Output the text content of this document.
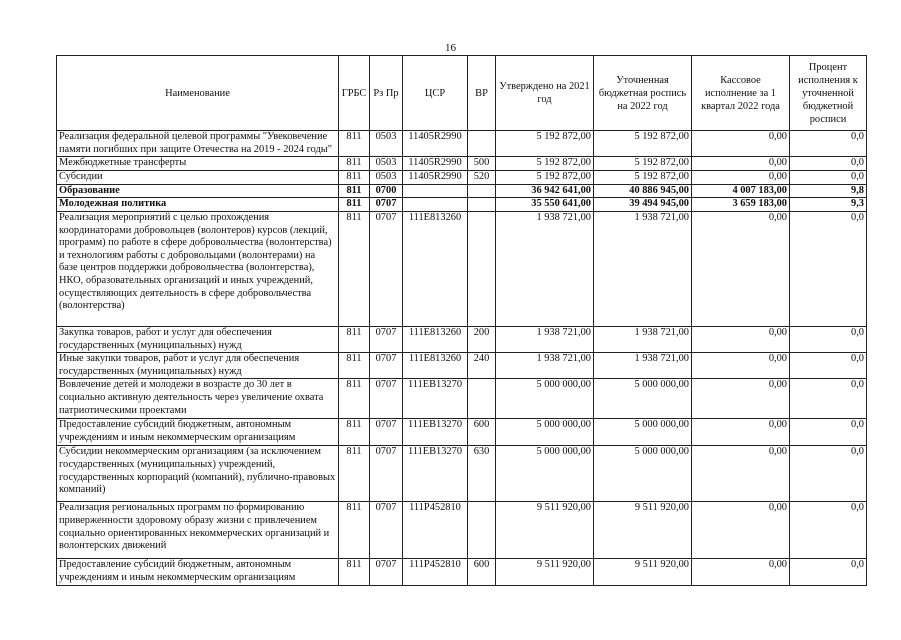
16
Наименование	ГРБС	Рз Пр	ЦСР	ВР	Утверждено на 2021 год	Уточненная бюджетная роспись на 2022 год	Кассовое исполнение за 1 квартал 2022 года	Процент исполнения к уточненной бюджетной росписи
Реализация федеральной целевой программы "Увековечение памяти погибших при защите Отечества на 2019 - 2024 годы"	811	0503	11405R2990		5 192 872,00	5 192 872,00	0,00	0,0
Межбюджетные трансферты	811	0503	11405R2990	500	5 192 872,00	5 192 872,00	0,00	0,0
Субсидии	811	0503	11405R2990	520	5 192 872,00	5 192 872,00	0,00	0,0
Образование	811	0700			36 942 641,00	40 886 945,00	4 007 183,00	9,8
Молодежная политика	811	0707			35 550 641,00	39 494 945,00	3 659 183,00	9,3
Реализация мероприятий с целью прохождения координаторами добровольцев (волонтеров) курсов (лекций, программ) по работе в сфере добровольчества (волонтерства) и технологиям работы с добровольцами (волонтерами) на базе центров поддержки добровольчества (волонтерства), НКО, образовательных организаций и иных учреждений, осуществляющих деятельность в сфере добровольчества (волонтерства)	811	0707	111E813260		1 938 721,00	1 938 721,00	0,00	0,0
Закупка товаров, работ и услуг для обеспечения государственных (муниципальных) нужд	811	0707	111E813260	200	1 938 721,00	1 938 721,00	0,00	0,0
Иные закупки товаров, работ и услуг для обеспечения государственных (муниципальных) нужд	811	0707	111E813260	240	1 938 721,00	1 938 721,00	0,00	0,0
Вовлечение детей и молодежи в возрасте до 30 лет в социально активную деятельность через увеличение охвата патриотическими проектами	811	0707	111EB13270		5 000 000,00	5 000 000,00	0,00	0,0
Предоставление субсидий бюджетным, автономным учреждениям и иным некоммерческим организациям	811	0707	111EB13270	600	5 000 000,00	5 000 000,00	0,00	0,0
Субсидии некоммерческим организациям (за исключением государственных (муниципальных) учреждений, государственных корпораций (компаний), публично-правовых компаний)	811	0707	111EB13270	630	5 000 000,00	5 000 000,00	0,00	0,0
Реализация региональных программ по формированию приверженности здоровому образу жизни с привлечением социально ориентированных некоммерческих организаций и волонтерских движений	811	0707	111P452810		9 511 920,00	9 511 920,00	0,00	0,0
Предоставление субсидий бюджетным, автономным учреждениям и иным некоммерческим организациям	811	0707	111P452810	600	9 511 920,00	9 511 920,00	0,00	0,0
